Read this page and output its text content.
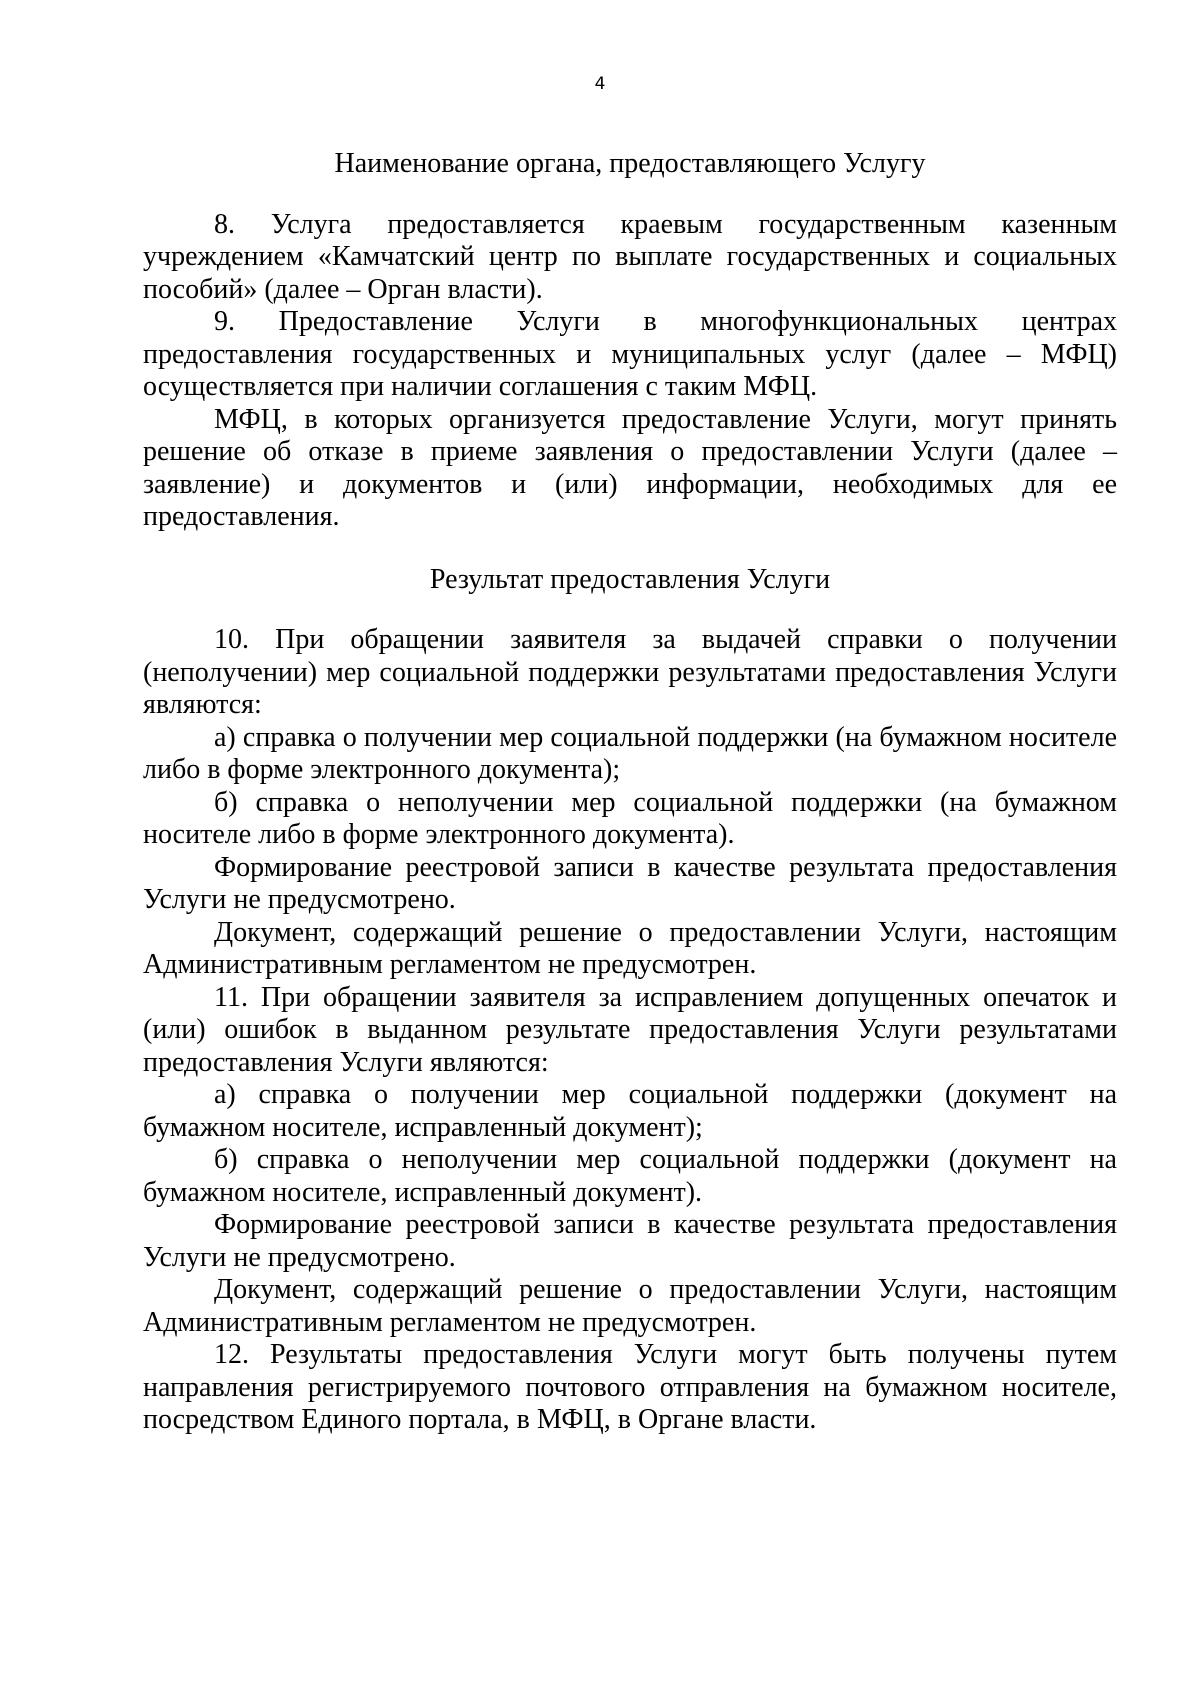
4

Наименование органа, предоставляющего Услугу

8. Услуга предоставляется краевым государственным казенным учреждением «Камчатский центр по выплате государственных и социальных пособий» (далее – Орган власти).

9. Предоставление Услуги в многофункциональных центрах предоставления государственных и муниципальных услуг (далее – МФЦ) осуществляется при наличии соглашения с таким МФЦ.

МФЦ, в которых организуется предоставление Услуги, могут принять решение об отказе в приеме заявления о предоставлении Услуги (далее – заявление) и документов и (или) информации, необходимых для ее предоставления.

Результат предоставления Услуги

10. При обращении заявителя за выдачей справки о получении (неполучении) мер социальной поддержки результатами предоставления Услуги являются:

а) справка о получении мер социальной поддержки (на бумажном носителе либо в форме электронного документа);

б) справка о неполучении мер социальной поддержки (на бумажном носителе либо в форме электронного документа).

Формирование реестровой записи в качестве результата предоставления Услуги не предусмотрено.

Документ, содержащий решение о предоставлении Услуги, настоящим Административным регламентом не предусмотрен.

11. При обращении заявителя за исправлением допущенных опечаток и (или) ошибок в выданном результате предоставления Услуги результатами предоставления Услуги являются:

а) справка о получении мер социальной поддержки (документ на бумажном носителе, исправленный документ);

б) справка о неполучении мер социальной поддержки (документ на бумажном носителе, исправленный документ).

Формирование реестровой записи в качестве результата предоставления Услуги не предусмотрено.

Документ, содержащий решение о предоставлении Услуги, настоящим Административным регламентом не предусмотрен.

12. Результаты предоставления Услуги могут быть получены путем направления регистрируемого почтового отправления на бумажном носителе, посредством Единого портала, в МФЦ, в Органе власти.
